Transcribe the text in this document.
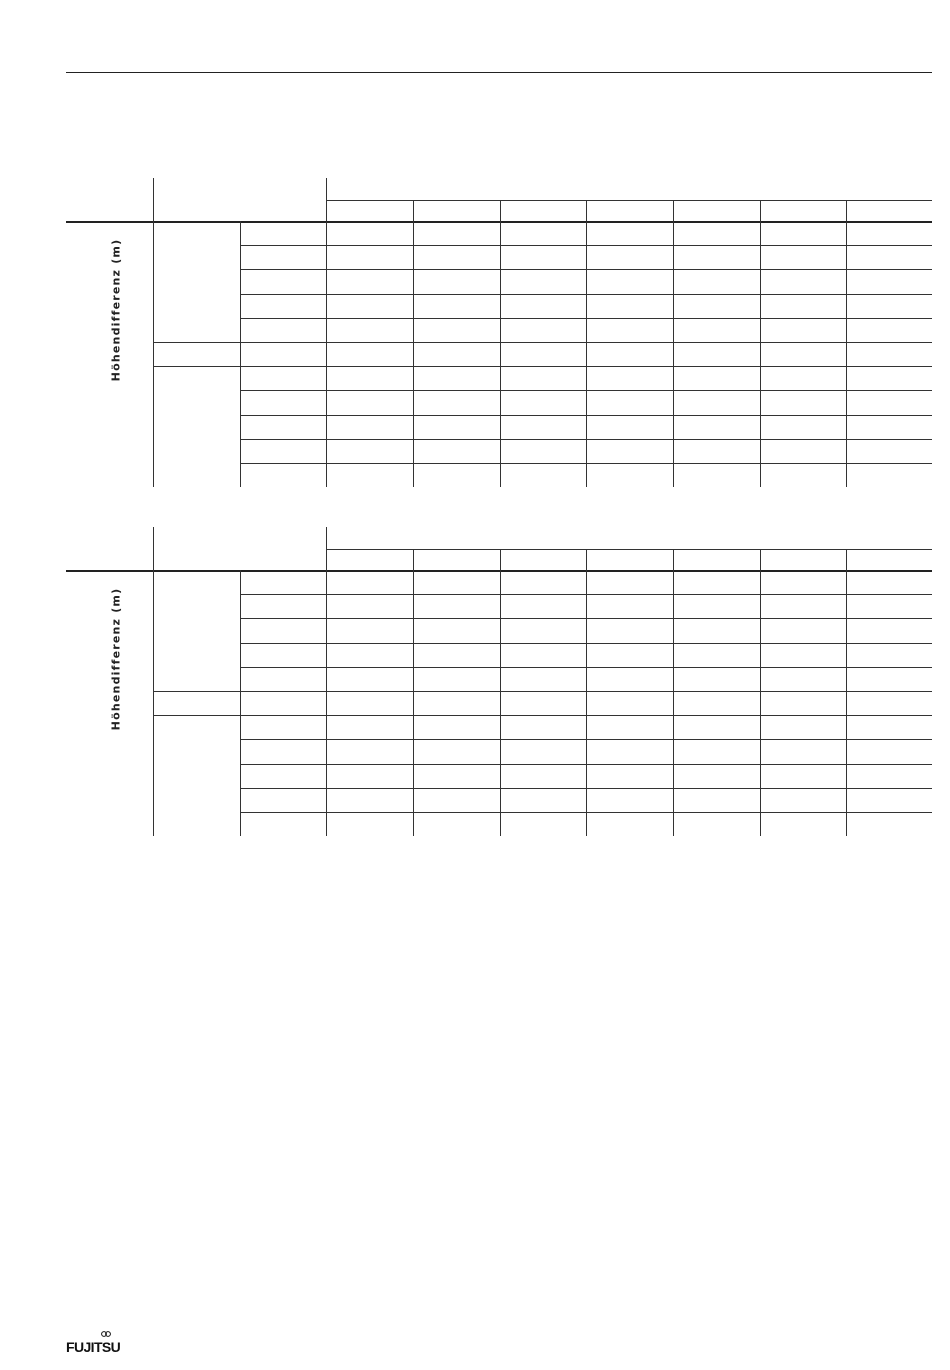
Höhendifferenz (m)
Höhendifferenz (m)
FUJITSU
